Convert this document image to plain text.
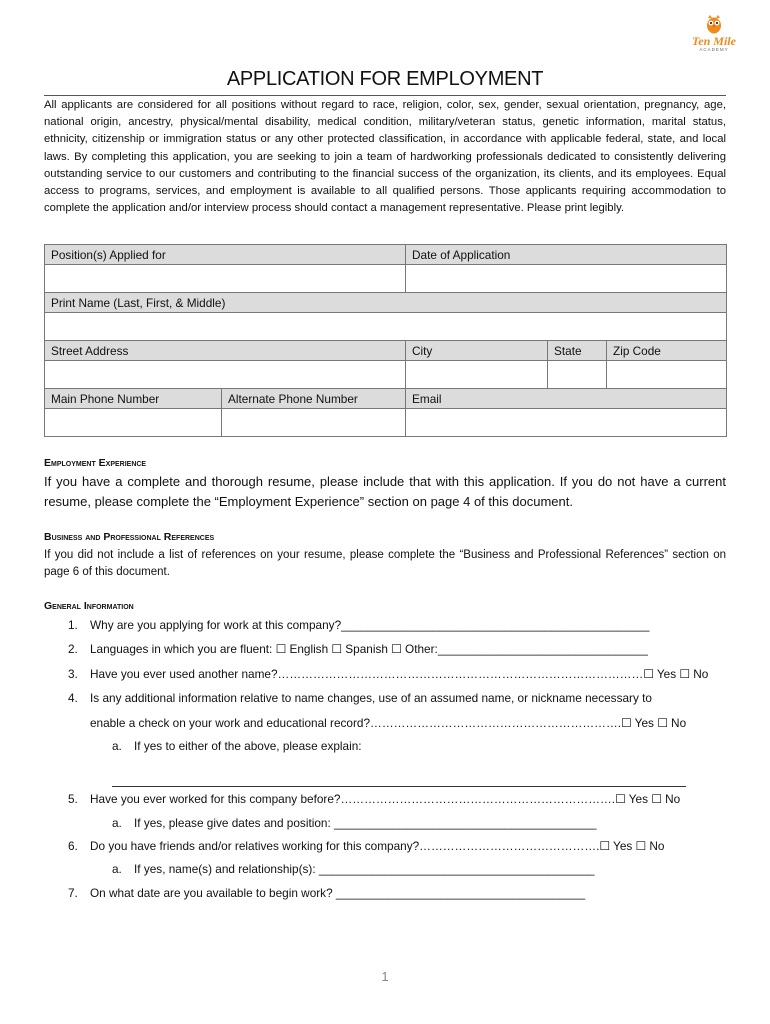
Ten Mile
ACADEMY
APPLICATION FOR EMPLOYMENT
All applicants are considered for all positions without regard to race, religion, color, sex, gender, sexual orientation, pregnancy, age, national origin, ancestry, physical/mental disability, medical condition, military/veteran status, genetic information, marital status, ethnicity, citizenship or immigration status or any other protected classification, in accordance with applicable federal, state, and local laws. By completing this application, you are seeking to join a team of hardworking professionals dedicated to consistently delivering outstanding service to our customers and contributing to the financial success of the organization, its clients, and its employees. Equal access to programs, services, and employment is available to all qualified persons. Those applicants requiring accommodation to complete the application and/or interview process should contact a management representative. Please print legibly.
Position(s) Applied for		Date of Application		

Print Name (Last, First, & Middle)				

Street Address		City	State	Zip Code

Main Phone Number	Alternate Phone Number	Email		

Employment Experience
If you have a complete and thorough resume, please include that with this application. If you do not have a current resume, please complete the “Employment Experience” section on page 4 of this document.
Business and Professional References
If you did not include a list of references on your resume, please complete the “Business and Professional References” section on page 6 of this document.
General Information
1. Why are you applying for work at this company?_______________________________________________
2. Languages in which you are fluent: ☐ English ☐ Spanish ☐ Other:________________________________
3. Have you ever used another name?…………………………………………………………………………………☐ Yes ☐ No
4. Is any additional information relative to name changes, use of an assumed name, or nickname necessary to
enable a check on your work and educational record?……………………………………………………….☐ Yes ☐ No
a. If yes to either of the above, please explain:
5. Have you ever worked for this company before?…………………………………………………………….☐ Yes ☐ No
a. If yes, please give dates and position: ________________________________________
6. Do you have friends and/or relatives working for this company?……………………………………….☐ Yes ☐ No
a. If yes, name(s) and relationship(s): __________________________________________
7. On what date are you available to begin work? ______________________________________
1
